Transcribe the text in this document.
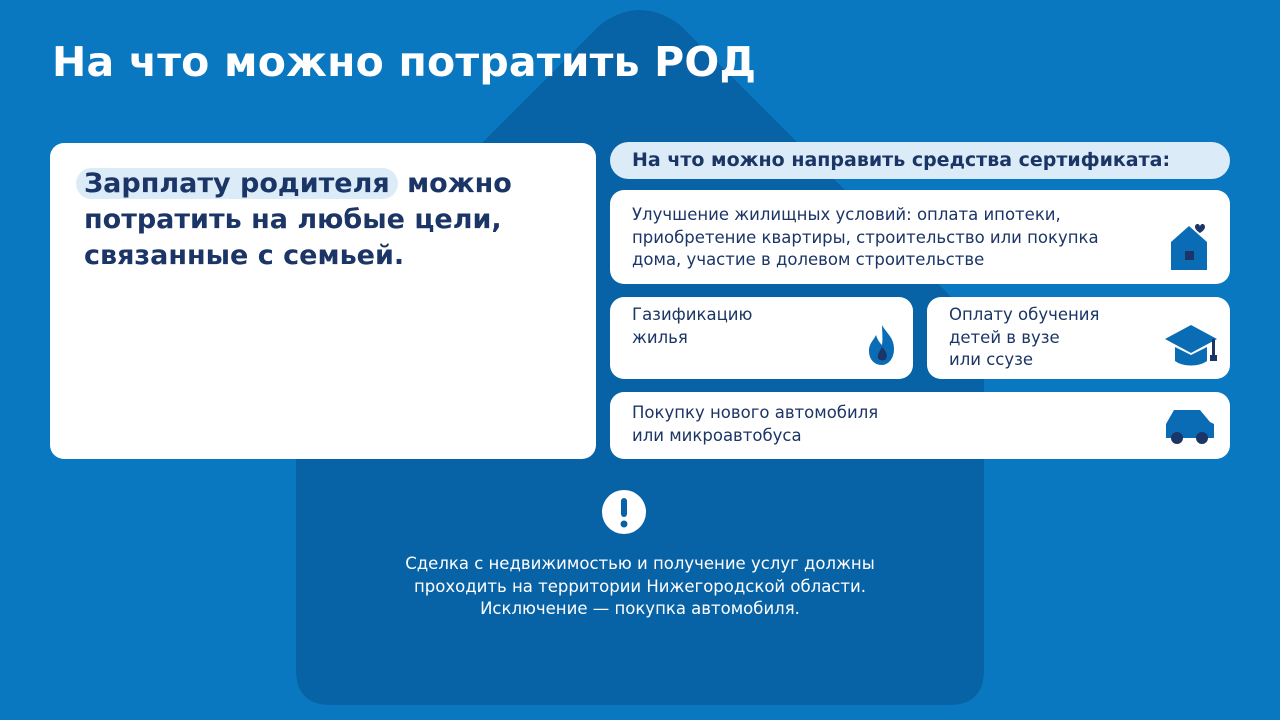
На что можно потратить РОД
Зарплату родителя можно
потратить на любые цели,
связанные с семьей.
На что можно направить средства сертификата:
Улучшение жилищных условий: оплата ипотеки,
приобретение квартиры, строительство или покупка
дома, участие в долевом строительстве
Газификацию
жилья
Оплату обучения
детей в вузе
или ссузе
Покупку нового автомобиля
или микроавтобуса
Сделка с недвижимостью и получение услуг должны
проходить на территории Нижегородской области.
Исключение — покупка автомобиля.
